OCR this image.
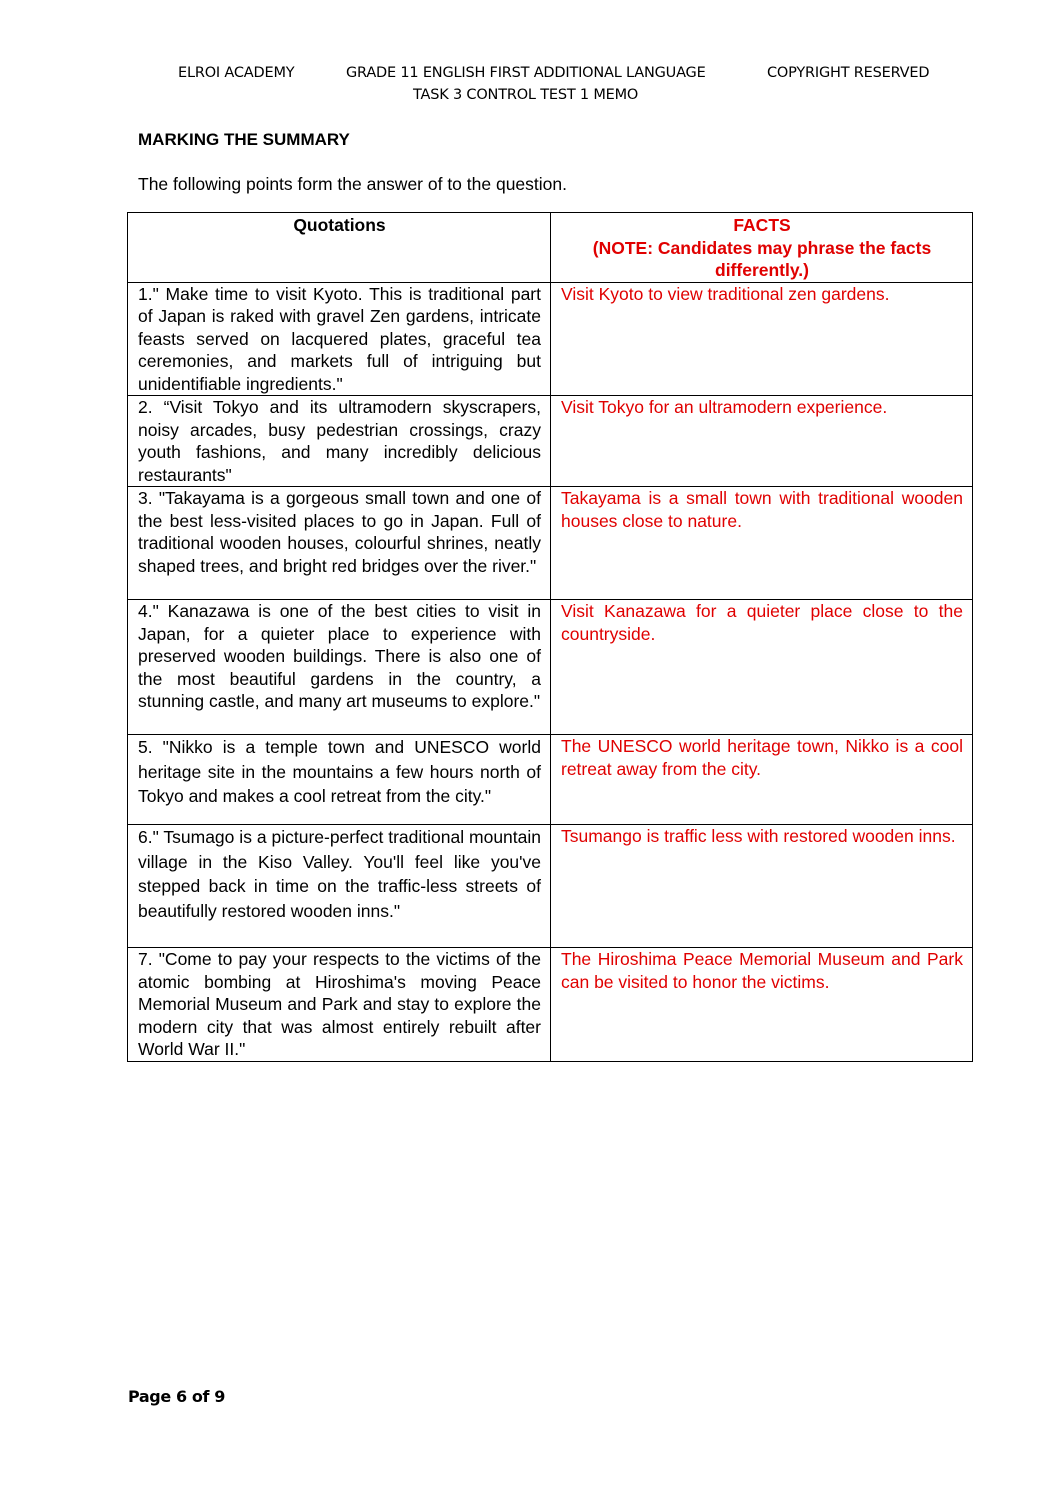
ELROI ACADEMY	GRADE 11 ENGLISH FIRST ADDITIONAL LANGUAGE	COPYRIGHT RESERVED
TASK 3 CONTROL TEST 1 MEMO
MARKING THE SUMMARY
The following points form the answer of to the question.
Quotations	FACTS
(NOTE: Candidates may phrase the facts differently.)

1." Make time to visit Kyoto. This is traditional part of Japan is raked with gravel Zen gardens, intricate feasts served on lacquered plates, graceful tea ceremonies, and markets full of intriguing but unidentifiable ingredients."	Visit Kyoto to view traditional zen gardens.
2. “Visit Tokyo and its ultramodern skyscrapers, noisy arcades, busy pedestrian crossings, crazy youth fashions, and many incredibly delicious restaurants"	Visit Tokyo for an ultramodern experience.
3. "Takayama is a gorgeous small town and one of the best less-visited places to go in Japan. Full of traditional wooden houses, colourful shrines, neatly shaped trees, and bright red bridges over the river."	Takayama is a small town with traditional wooden houses close to nature.
4." Kanazawa is one of the best cities to visit in Japan, for a quieter place to experience with preserved wooden buildings. There is also one of the most beautiful gardens in the country, a stunning castle, and many art museums to explore."	Visit Kanazawa for a quieter place close to the countryside.
5. "Nikko is a temple town and UNESCO world heritage site in the mountains a few hours north of Tokyo and makes a cool retreat from the city."	The UNESCO world heritage town, Nikko is a cool retreat away from the city.
6." Tsumago is a picture-perfect traditional mountain village in the Kiso Valley. You'll feel like you've stepped back in time on the traffic-less streets of beautifully restored wooden inns."	Tsumango is traffic less with restored wooden inns.
7. "Come to pay your respects to the victims of the atomic bombing at Hiroshima's moving Peace Memorial Museum and Park and stay to explore the modern city that was almost entirely rebuilt after World War II."	The Hiroshima Peace Memorial Museum and Park can be visited to honor the victims.
Page 6 of 9
